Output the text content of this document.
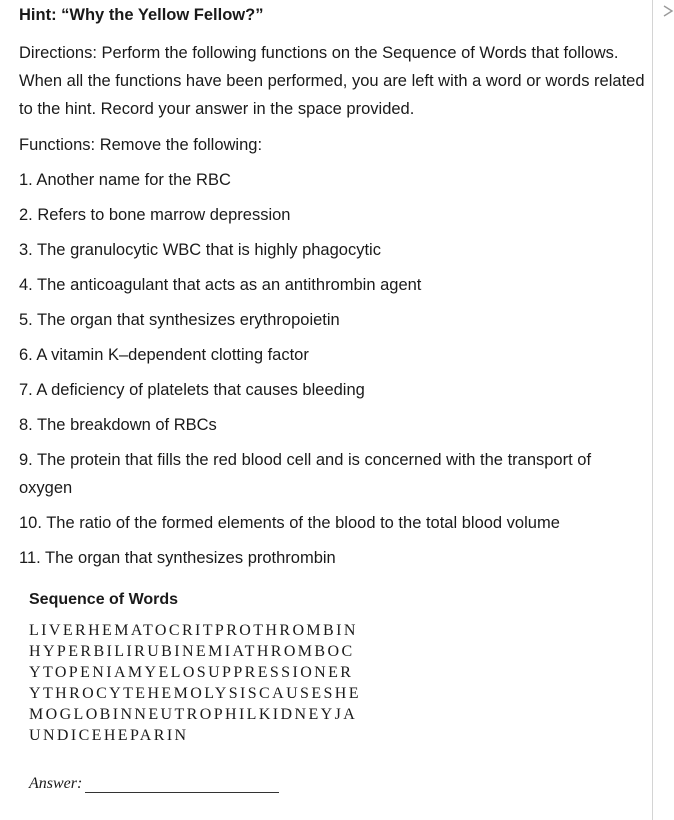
Hint: “Why the Yellow Fellow?”

Directions: Perform the following functions on the Sequence of Words that follows. When all the functions have been performed, you are left with a word or words related to the hint. Record your answer in the space provided.

Functions: Remove the following:

1. Another name for the RBC
2. Refers to bone marrow depression
3. The granulocytic WBC that is highly phagocytic
4. The anticoagulant that acts as an antithrombin agent
5. The organ that synthesizes erythropoietin
6. A vitamin K–dependent clotting factor
7. A deficiency of platelets that causes bleeding
8. The breakdown of RBCs
9. The protein that fills the red blood cell and is concerned with the transport of oxygen
10. The ratio of the formed elements of the blood to the total blood volume
11. The organ that synthesizes prothrombin
Sequence of Words
LIVERHEMATOCRITPROTHROMBIN
HYPERBILIRUBINEMIATHROMBOC
YTOPENIAMYELOSUPPRESSIONER
YTHROCYTEHEMOLYSISCAUSESHE
MOGLOBINNEUTROPHILKIDNEYJA
UNDICEHEPARIN
Answer:
